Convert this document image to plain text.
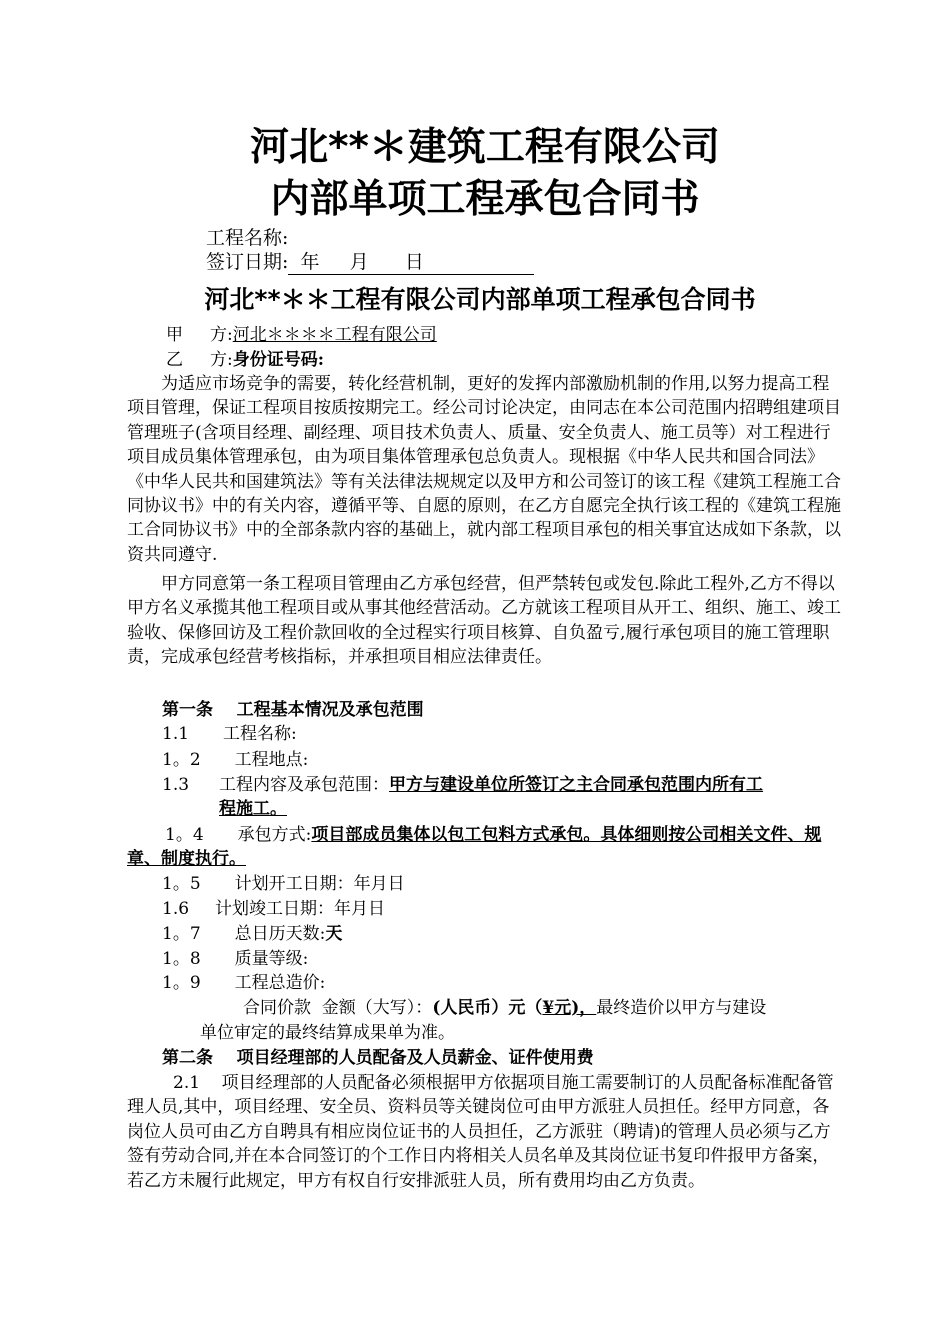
河北**＊建筑工程有限公司
内部单项工程承包合同书
工程名称:
签订日期:  年     月      日
河北**＊＊工程有限公司内部单项工程承包合同书
甲     方:河北＊＊＊＊工程有限公司
乙     方:身份证号码:

为适应市场竞争的需要，转化经营机制，更好的发挥内部激励机制的作用,以努力提高工程项目管理，保证工程项目按质按期完工。经公司讨论决定，由同志在本公司范围内招聘组建项目管理班子(含项目经理、副经理、项目技术负责人、质量、安全负责人、施工员等）对工程进行项目成员集体管理承包，由为项目集体管理承包总负责人。现根据《中华人民共和国合同法》《中华人民共和国建筑法》等有关法律法规规定以及甲方和公司签订的该工程《建筑工程施工合同协议书》中的有关内容，遵循平等、自愿的原则，在乙方自愿完全执行该工程的《建筑工程施工合同协议书》中的全部条款内容的基础上，就内部工程项目承包的相关事宜达成如下条款，以资共同遵守.

甲方同意第一条工程项目管理由乙方承包经营，但严禁转包或发包.除此工程外,乙方不得以甲方名义承揽其他工程项目或从事其他经营活动。乙方就该工程项目从开工、组织、施工、竣工验收、保修回访及工程价款回收的全过程实行项目核算、自负盈亏,履行承包项目的施工管理职责，完成承包经营考核指标，并承担项目相应法律责任。

第一条    工程基本情况及承包范围
1.1 工程名称:
1。2 工程地点:
1.3 工程内容及承包范围：甲方与建设单位所签订之主合同承包范围内所有工
程施工。
1。4 承包方式:项目部成员集体以包工包料方式承包。具体细则按公司相关文件、规章、制度执行。
1。5 计划开工日期：年月日
1.6 计划竣工日期：年月日
1。7 总日历天数:天
1。8 质量等级:
1。9 工程总造价:
合同价款  金额（大写）：(人民币）元（¥元)，最终造价以甲方与建设
单位审定的最终结算成果单为准。
第二条    项目经理部的人员配备及人员薪金、证件使用费

2.1 项目经理部的人员配备必须根据甲方依据项目施工需要制订的人员配备标准配备管理人员,其中，项目经理、安全员、资料员等关键岗位可由甲方派驻人员担任。经甲方同意，各岗位人员可由乙方自聘具有相应岗位证书的人员担任，乙方派驻（聘请)的管理人员必须与乙方签有劳动合同,并在本合同签订的个工作日内将相关人员名单及其岗位证书复印件报甲方备案，若乙方未履行此规定，甲方有权自行安排派驻人员，所有费用均由乙方负责。
